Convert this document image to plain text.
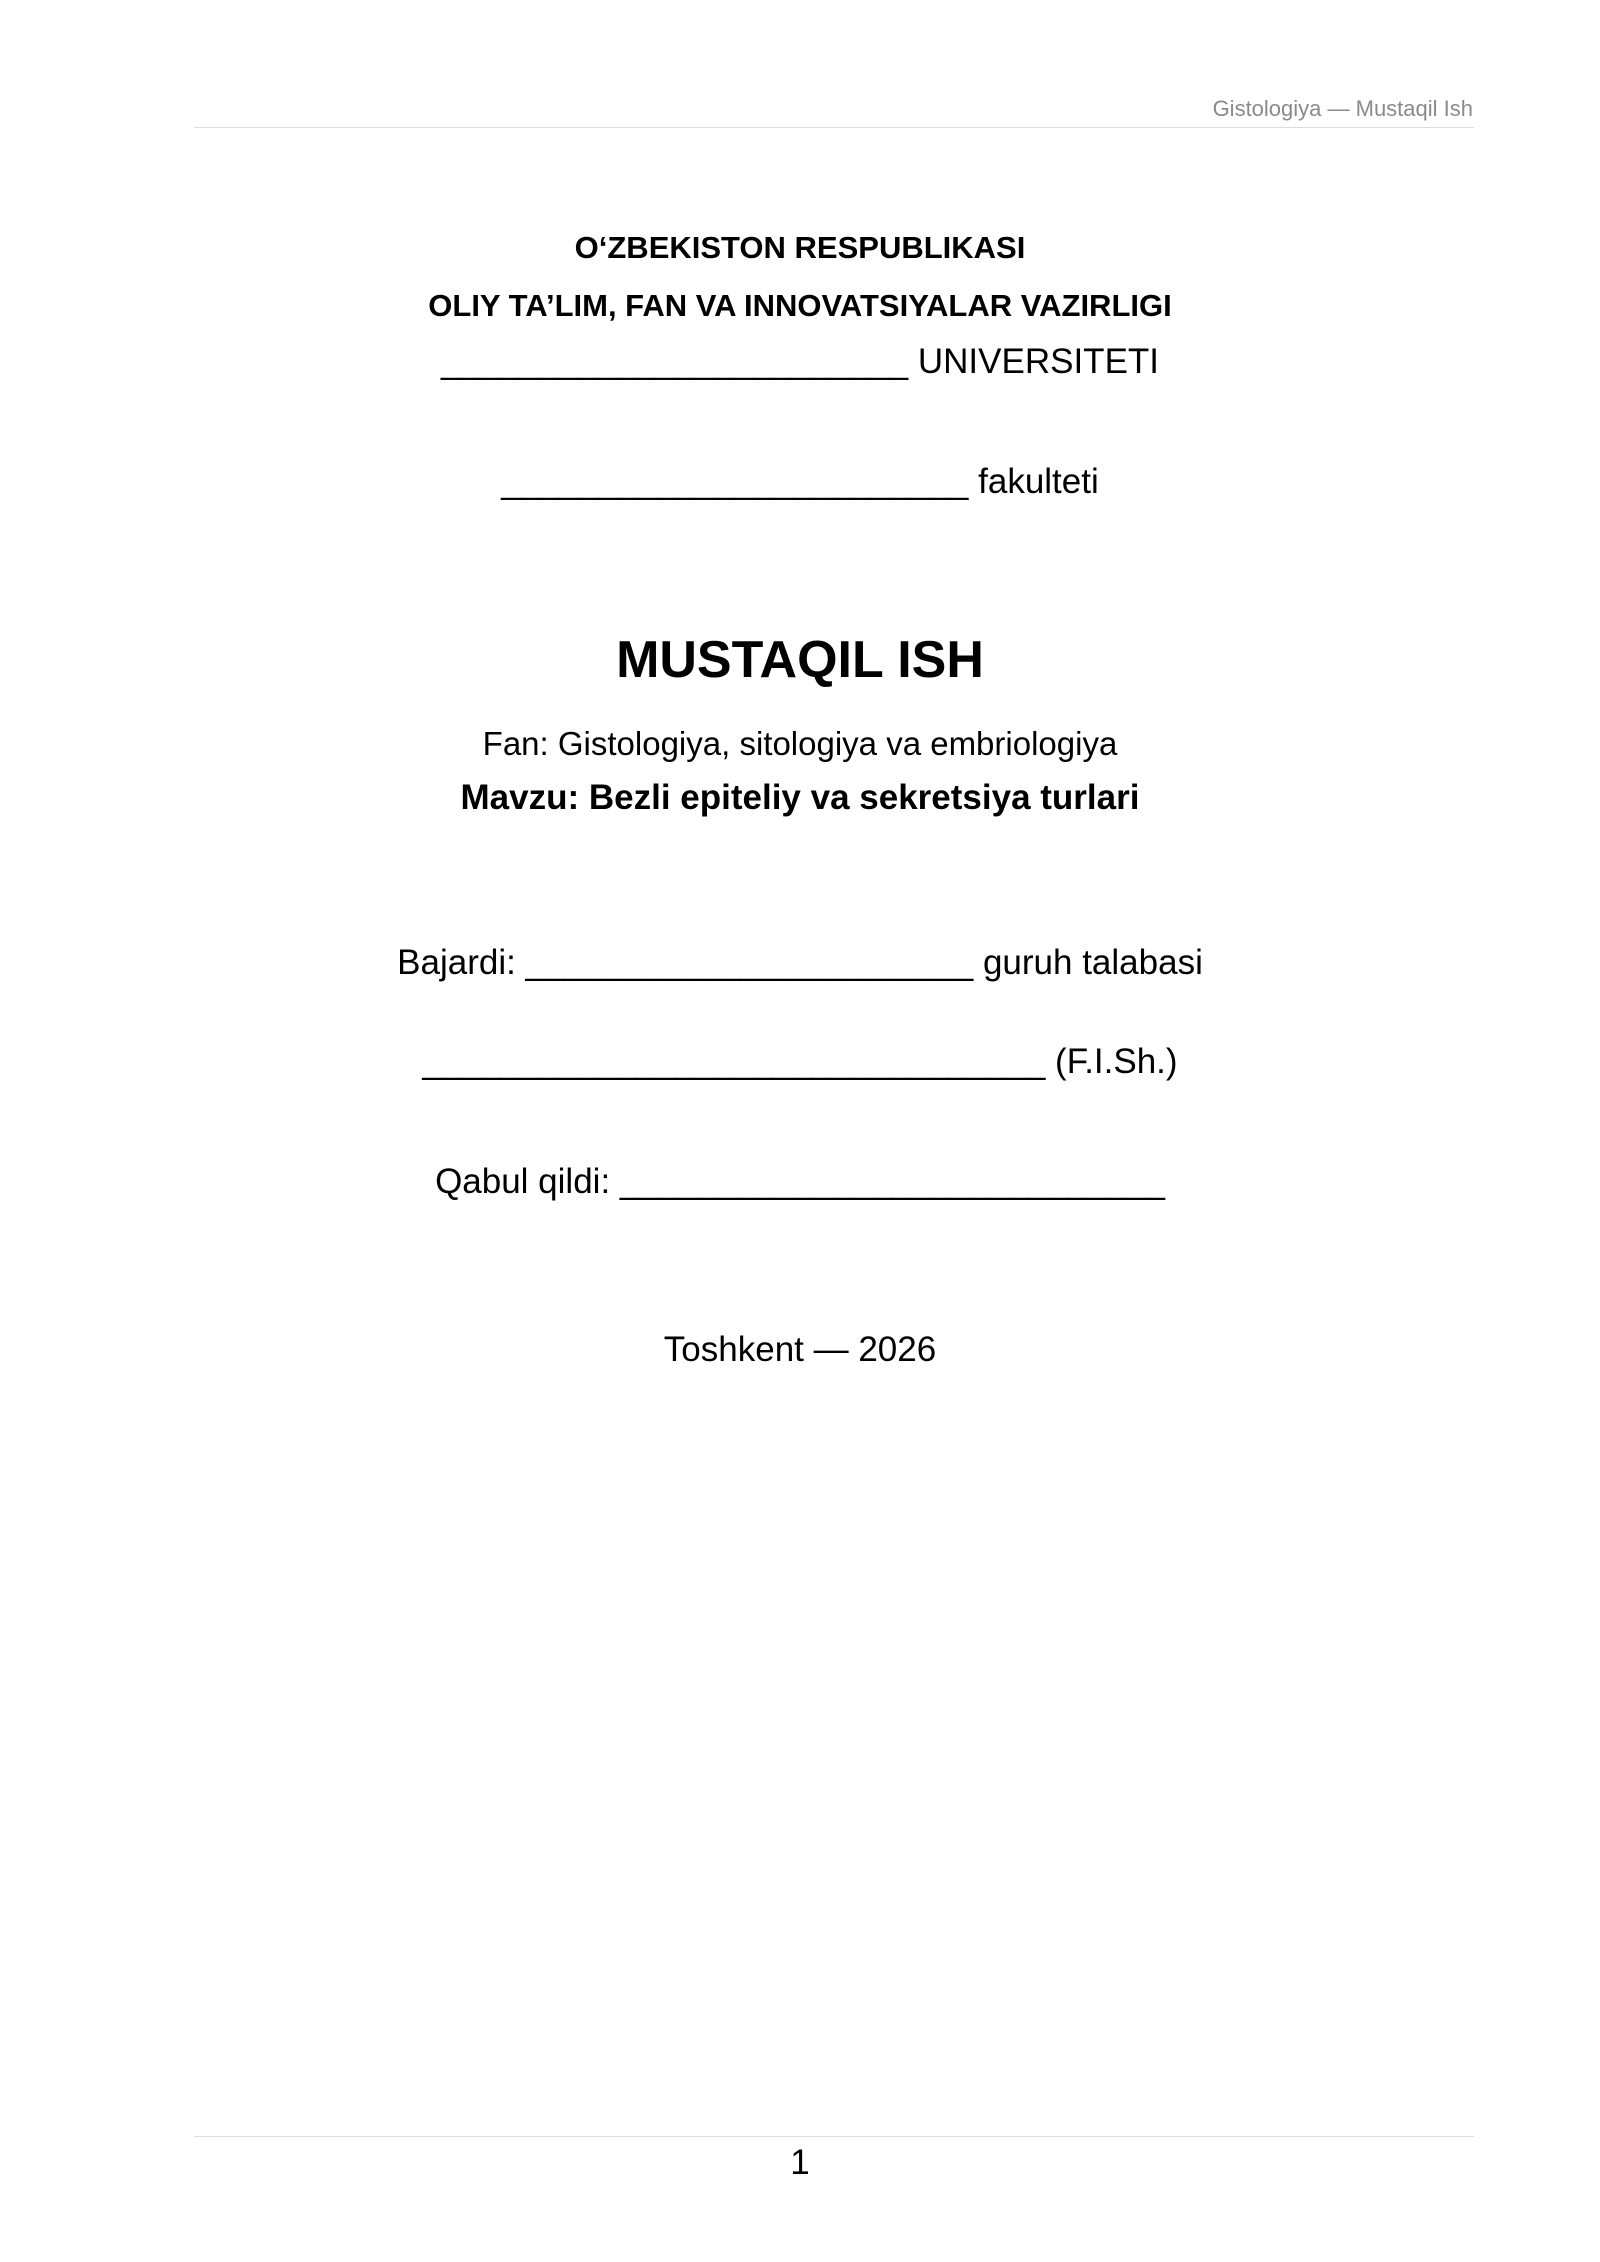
Gistologiya — Mustaqil Ish
O‘ZBEKISTON RESPUBLIKASI
OLIY TA’LIM, FAN VA INNOVATSIYALAR VAZIRLIGI
________________________ UNIVERSITETI
________________________ fakulteti
MUSTAQIL ISH
Fan: Gistologiya, sitologiya va embriologiya
Mavzu: Bezli epiteliy va sekretsiya turlari
Bajardi: _______________________ guruh talabasi
________________________________ (F.I.Sh.)
Qabul qildi: ____________________________
Toshkent — 2026
1
